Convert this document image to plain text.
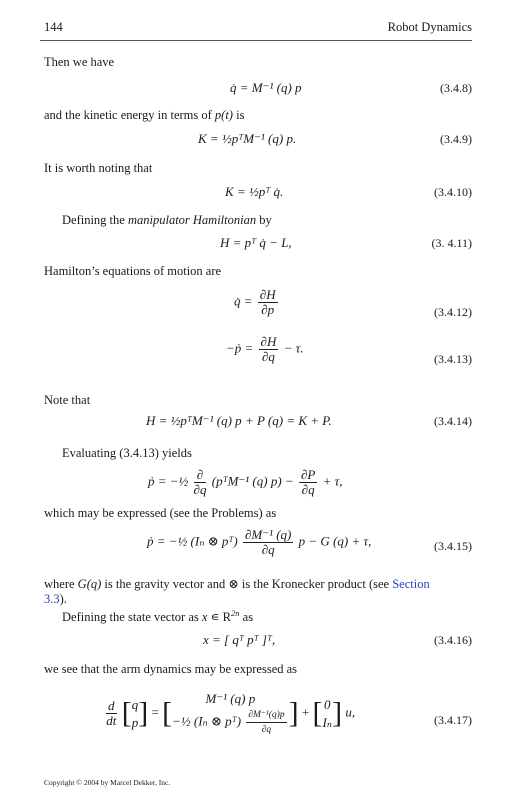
144	Robot Dynamics
Then we have
q̇ = M⁻¹ (q) p	(3.4.8)
and the kinetic energy in terms of p(t) is
K = ½pᵀM⁻¹ (q) p.	(3.4.9)
It is worth noting that
K = ½pᵀ q̇.	(3.4.10)
Defining the manipulator Hamiltonian by
H = pᵀ q̇ − L,	(3. 4.11)
Hamilton’s equations of motion are
q̇ = $\frac{\partial H}{\partial p}$	(3.4.12)
−ṗ = $\frac{\partial H}{\partial q} - \tau$.
(3.4.13)
Note that
H = ½pᵀM⁻¹ (q) p + P (q) = K + P.	(3.4.14)
Evaluating (3.4.13) yields
ṗ = −½ $\frac{\partial}{\partial q}$ (pᵀM⁻¹ (q) $p) - \frac{\partial P}{\partial q} + \tau$,
which may be expressed (see the Problems) as
ṗ = −½ (Iₙ ⊗ pᵀ) $\frac{\text{∂M⁻¹ (q)}}{\partial q}$ p − G (q) + τ,	(3.4.15)
where G(q) is the gravity vector and ⊗ is the Kronecker product (see Section
3.3).
Defining the state vector as x ∊ $R^{2n}$ as
x = [ qᵀ pᵀ ]ᵀ,	(3.4.16)
we see that the arm dynamics may be expressed as
$\frac{d}{dt}$ [ q
p ] = [	M⁻¹ (q) p
−½ (Iₙ ⊗ pᵀ) $\frac{\text{∂M⁻¹(q)p}}{\partial q}$ ] + [ 0
Iₙ ] u,
(3.4.17)
Copyright © 2004 by Marcel Dekker, Inc.
